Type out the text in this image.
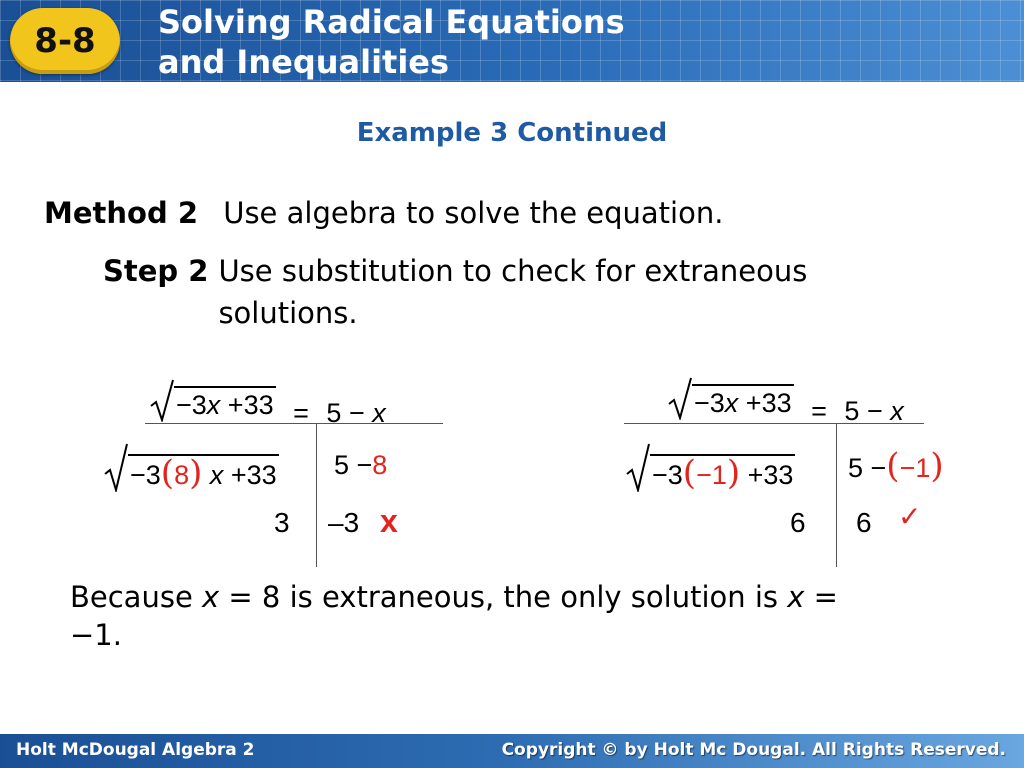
8-8	Solving Radical Equations
and Inequalities
Example 3 Continued
Method 2 Use algebra to solve the equation.
Step 2 Use substitution to check for extraneous solutions.
−3x +33 = 5 − x
−3(8) x +33 5 −8
3 –3 x
−3x +33 = 5 − x
−3(−1) +33 5 −(−1)
6 6 ✓
Because x = 8 is extraneous, the only solution is x = −1.
Holt McDougal Algebra 2	Copyright © by Holt Mc Dougal. All Rights Reserved.
